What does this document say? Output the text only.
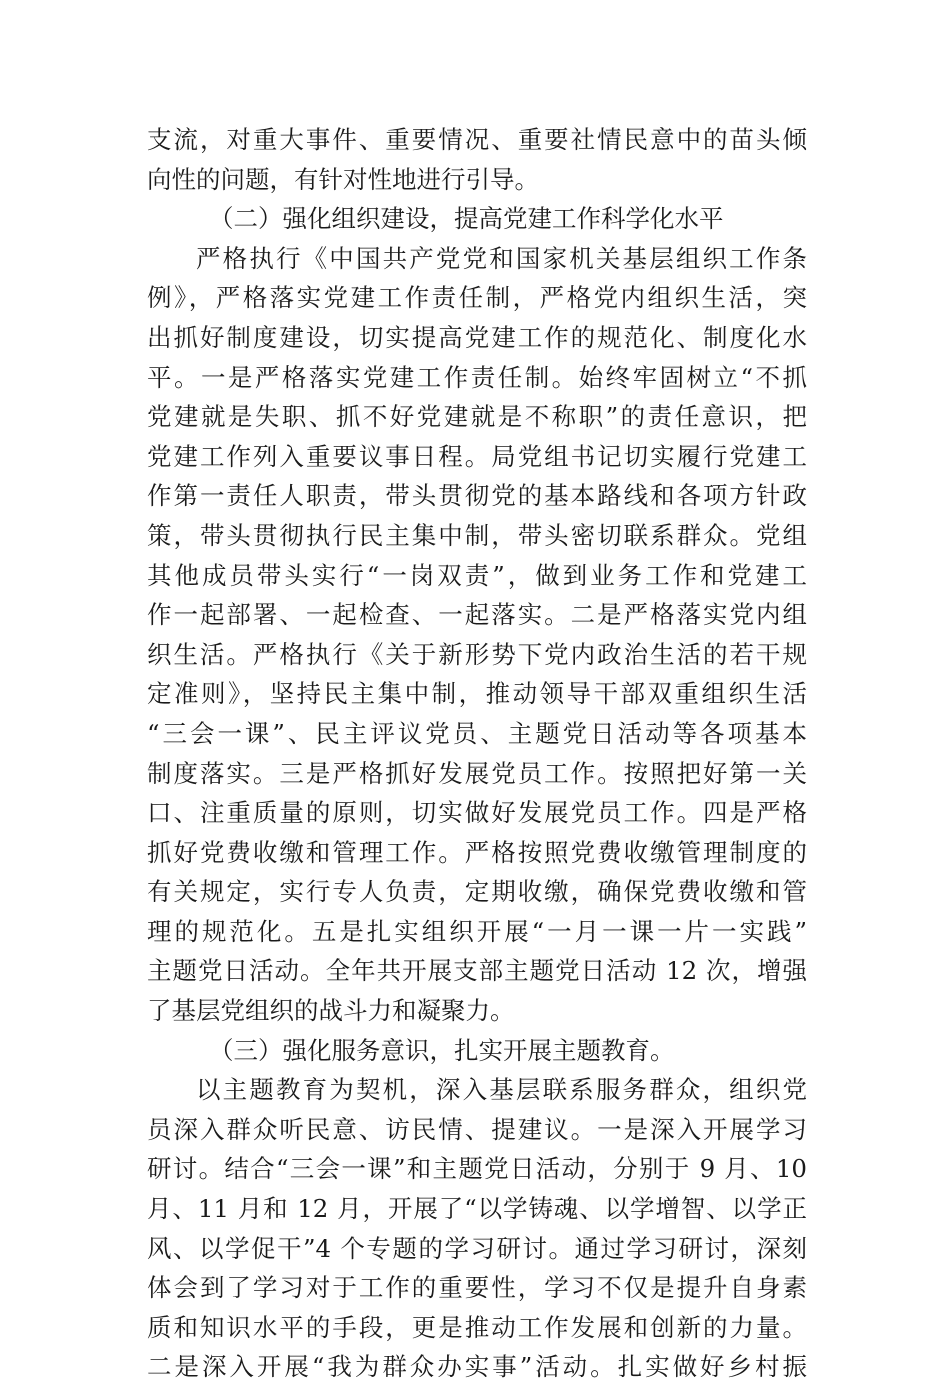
支流，对重大事件、重要情况、重要社情民意中的苗头倾
向性的问题，有针对性地进行引导。
（二）强化组织建设，提高党建工作科学化水平
严格执行《中国共产党党和国家机关基层组织工作条
例》，严格落实党建工作责任制，严格党内组织生活，突
出抓好制度建设，切实提高党建工作的规范化、制度化水
平。一是严格落实党建工作责任制。始终牢固树立“不抓
党建就是失职、抓不好党建就是不称职”的责任意识，把
党建工作列入重要议事日程。局党组书记切实履行党建工
作第一责任人职责，带头贯彻党的基本路线和各项方针政
策，带头贯彻执行民主集中制，带头密切联系群众。党组
其他成员带头实行“一岗双责”，做到业务工作和党建工
作一起部署、一起检查、一起落实。二是严格落实党内组
织生活。严格执行《关于新形势下党内政治生活的若干规
定准则》，坚持民主集中制，推动领导干部双重组织生活
“三会一课”、民主评议党员、主题党日活动等各项基本
制度落实。三是严格抓好发展党员工作。按照把好第一关
口、注重质量的原则，切实做好发展党员工作。四是严格
抓好党费收缴和管理工作。严格按照党费收缴管理制度的
有关规定，实行专人负责，定期收缴，确保党费收缴和管
理的规范化。五是扎实组织开展“一月一课一片一实践”
主题党日活动。全年共开展支部主题党日活动 12 次，增强
了基层党组织的战斗力和凝聚力。
（三）强化服务意识，扎实开展主题教育。
以主题教育为契机，深入基层联系服务群众，组织党
员深入群众听民意、访民情、提建议。一是深入开展学习
研讨。结合“三会一课”和主题党日活动，分别于 9 月、10
月、11 月和 12 月，开展了“以学铸魂、以学增智、以学正
风、以学促干”4 个专题的学习研讨。通过学习研讨，深刻
体会到了学习对于工作的重要性，学习不仅是提升自身素
质和知识水平的手段，更是推动工作发展和创新的力量。
二是深入开展“我为群众办实事”活动。扎实做好乡村振
